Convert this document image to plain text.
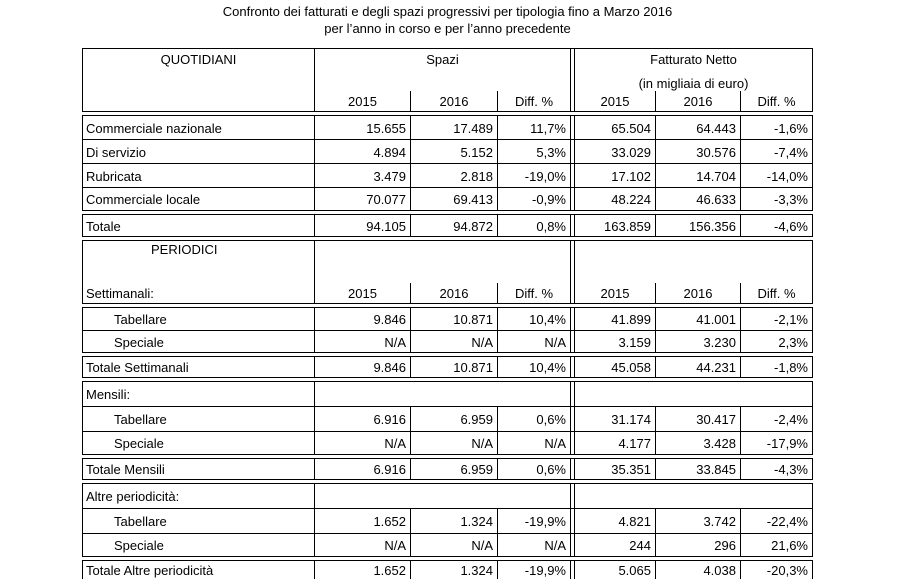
Confronto dei fatturati e degli spazi progressivi per tipologia fino a Marzo 2016
per l’anno in corso e per l’anno precedente
QUOTIDIANI	Spazi
2015	2016	Diff. %
Fatturato Netto
(in migliaia di euro)
2015	2016	Diff. %
Commerciale nazionale	15.655	17.489	11,7%	65.504	64.443	-1,6%
Di servizio	4.894	5.152	5,3%	33.029	30.576	-7,4%
Rubricata	3.479	2.818	-19,0%	17.102	14.704	-14,0%
Commerciale locale	70.077	69.413	-0,9%	48.224	46.633	-3,3%
Totale	94.105	94.872	0,8%	163.859	156.356	-4,6%
PERIODICI
Settimanali:	2015	2016	Diff. %	2015	2016	Diff. %
Tabellare	9.846	10.871	10,4%	41.899	41.001	-2,1%
Speciale	N/A	N/A	N/A	3.159	3.230	2,3%
Totale Settimanali	9.846	10.871	10,4%	45.058	44.231	-1,8%
Mensili:
Tabellare	6.916	6.959	0,6%	31.174	30.417	-2,4%
Speciale	N/A	N/A	N/A	4.177	3.428	-17,9%
Totale Mensili	6.916	6.959	0,6%	35.351	33.845	-4,3%
Altre periodicità:
Tabellare	1.652	1.324	-19,9%	4.821	3.742	-22,4%
Speciale	N/A	N/A	N/A	244	296	21,6%
Totale Altre periodicità	1.652	1.324	-19,9%	5.065	4.038	-20,3%
